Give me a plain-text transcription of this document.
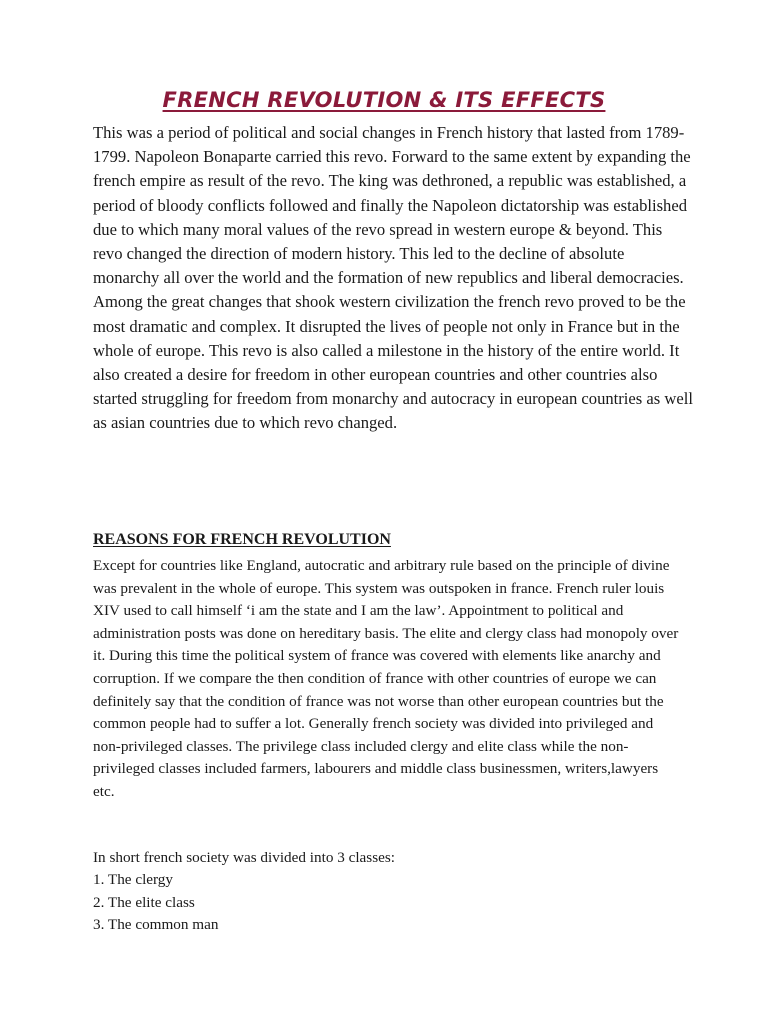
FRENCH REVOLUTION & ITS EFFECTS

This was a period of political and social changes in French history that lasted from 1789-1799. Napoleon Bonaparte carried this revo. Forward to the same extent by expanding the french empire as result of the revo. The king was dethroned, a republic was established, a period of bloody conflicts followed and finally the Napoleon dictatorship was established due to which many moral values of the revo spread in western europe & beyond. This revo changed the direction of modern history. This led to the decline of absolute monarchy all over the world and the formation of new republics and liberal democracies. Among the great changes that shook western civilization the french revo proved to be the most dramatic and complex. It disrupted the lives of people not only in France but in the whole of europe. This revo is also called a milestone in the history of the entire world. It also created a desire for freedom in other european countries and other countries also started struggling for freedom from monarchy and autocracy in european countries as well as asian countries due to which revo changed.

REASONS FOR FRENCH REVOLUTION

Except for countries like England, autocratic and arbitrary rule based on the principle of divine was prevalent in the whole of europe. This system was outspoken in france. French ruler louis XIV used to call himself ‘i am the state and I am the law’. Appointment to political and administration posts was done on hereditary basis. The elite and clergy class had monopoly over it. During this time the political system of france was covered with elements like anarchy and corruption. If we compare the then condition of france with other countries of europe we can definitely say that the condition of france was not worse than other european countries but the common people had to suffer a lot. Generally french society was divided into privileged and non-privileged classes. The privilege class included clergy and elite class while the non-privileged classes included farmers, labourers and middle class businessmen, writers,lawyers etc.

In short french society was divided into 3 classes:

1. The clergy
2. The elite class
3. The common man
